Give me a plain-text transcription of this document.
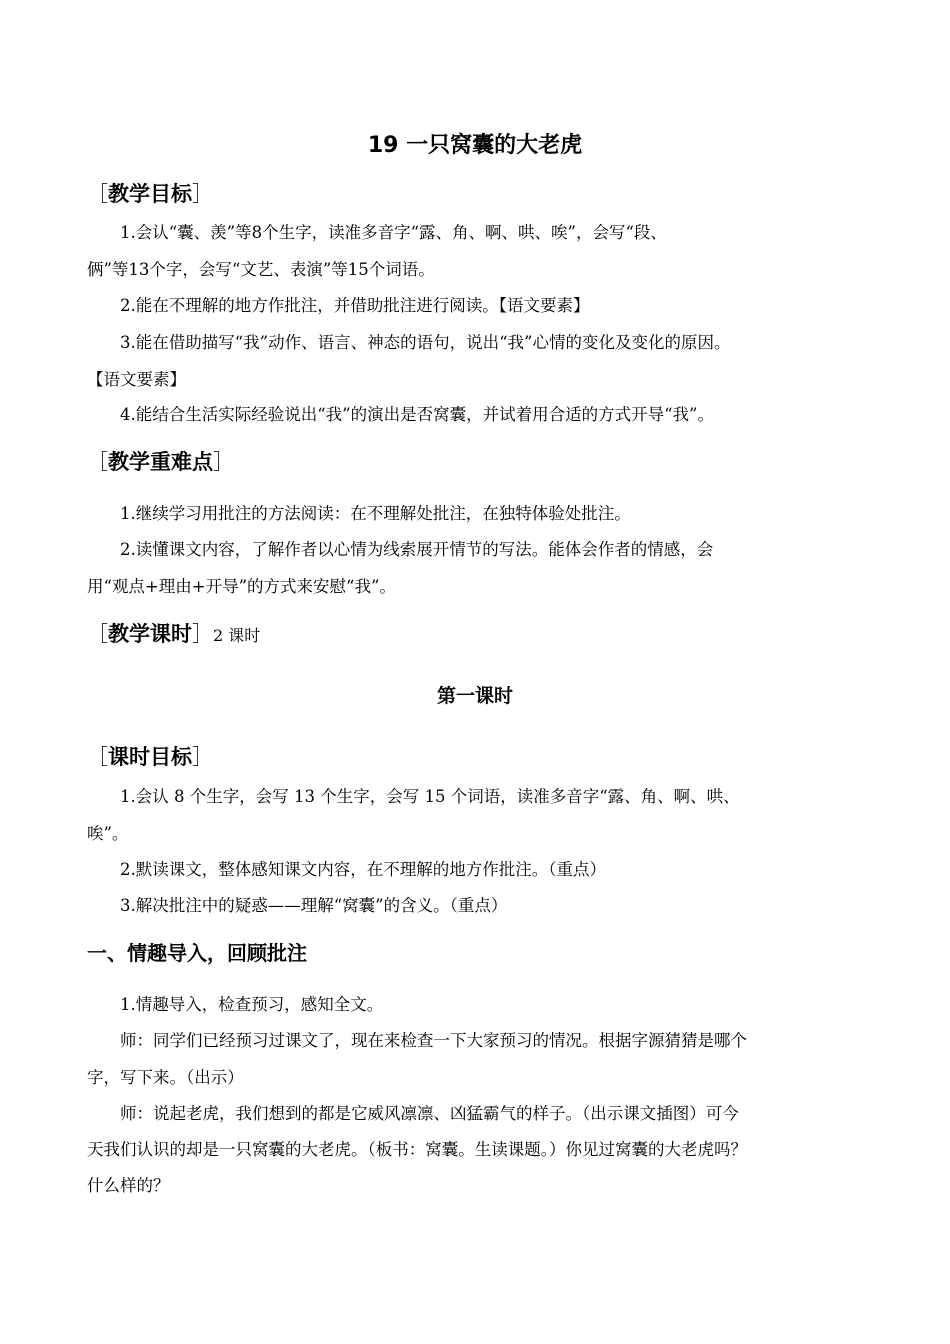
19 一只窝囊的大老虎
［教学目标］
1.会认“囊、羡”等8个生字，读准多音字“露、角、啊、哄、唉”，会写“段、
俩”等13个字，会写“文艺、表演”等15个词语。
2.能在不理解的地方作批注，并借助批注进行阅读。【语文要素】
3.能在借助描写“我”动作、语言、神态的语句，说出“我”心情的变化及变化的原因。
【语文要素】
4.能结合生活实际经验说出“我”的演出是否窝囊，并试着用合适的方式开导“我”。
［教学重难点］
1.继续学习用批注的方法阅读：在不理解处批注，在独特体验处批注。
2.读懂课文内容，了解作者以心情为线索展开情节的写法。能体会作者的情感，会
用“观点+理由+开导”的方式来安慰“我”。
［教学课时］2 课时
第一课时
［课时目标］
1.会认 8 个生字，会写 13 个生字，会写 15 个词语，读准多音字“露、角、啊、哄、
唉”。
2.默读课文，整体感知课文内容，在不理解的地方作批注。（重点）
3.解决批注中的疑惑——理解“窝囊”的含义。（重点）
一、情趣导入，回顾批注
1.情趣导入，检查预习，感知全文。
师：同学们已经预习过课文了，现在来检查一下大家预习的情况。根据字源猜猜是哪个
字，写下来。（出示）
师：说起老虎，我们想到的都是它威风凛凛、凶猛霸气的样子。（出示课文插图）可今
天我们认识的却是一只窝囊的大老虎。（板书：窝囊。生读课题。）你见过窝囊的大老虎吗？
什么样的？
